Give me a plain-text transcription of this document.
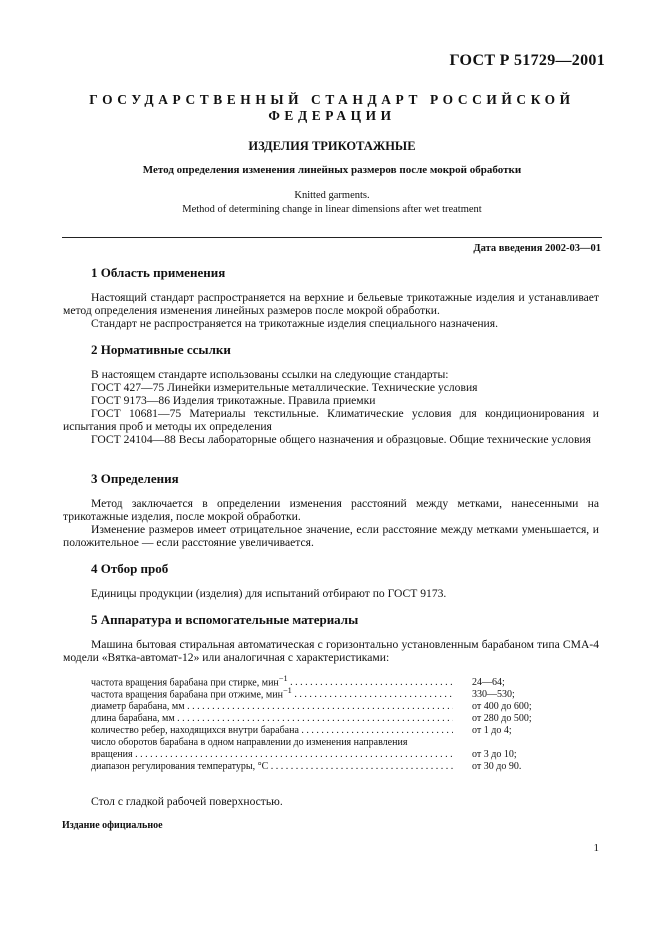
ГОСТ Р 51729—2001
ГОСУДАРСТВЕННЫЙ СТАНДАРТ РОССИЙСКОЙ ФЕДЕРАЦИИ
ИЗДЕЛИЯ ТРИКОТАЖНЫЕ
Метод определения изменения линейных размеров после мокрой обработки
Knitted garments.
Method of determining change in linear dimensions after wet treatment
Дата введения 2002-03—01
1 Область применения
Настоящий стандарт распространяется на верхние и бельевые трикотажные изделия и устанавливает метод определения изменения линейных размеров после мокрой обработки.
Стандарт не распространяется на трикотажные изделия специального назначения.
2 Нормативные ссылки
В настоящем стандарте использованы ссылки на следующие стандарты:
ГОСТ 427—75 Линейки измерительные металлические. Технические условия
ГОСТ 9173—86 Изделия трикотажные. Правила приемки
ГОСТ 10681—75 Материалы текстильные. Климатические условия для кондиционирования и испытания проб и методы их определения
ГОСТ 24104—88 Весы лабораторные общего назначения и образцовые. Общие технические условия
3 Определения
Метод заключается в определении изменения расстояний между метками, нанесенными на трикотажные изделия, после мокрой обработки.
Изменение размеров имеет отрицательное значение, если расстояние между метками уменьшается, и положительное — если расстояние увеличивается.
4 Отбор проб
Единицы продукции (изделия) для испытаний отбирают по ГОСТ 9173.
5 Аппаратура и вспомогательные материалы
Машина бытовая стиральная автоматическая с горизонтально установленным барабаном типа СМА-4 модели «Вятка-автомат-12» или аналогичная с характеристиками:
частота вращения барабана при стирке, мин$^{-1}$ . . .	24—64;
частота вращения барабана при отжиме, мин$^{-1}$ . . .	330—530;
диаметр барабана, мм . . .	от 400 до 600;
длина барабана, мм . . .	от 280 до 500;
количество ребер, находящихся внутри барабана . . .	от 1 до 4;
число оборотов барабана в одном направлении до изменения направления
вращения . . .	от 3 до 10;
диапазон регулирования температуры, °С . . .	от 30 до 90.
Стол с гладкой рабочей поверхностью.
Издание официальное
1
